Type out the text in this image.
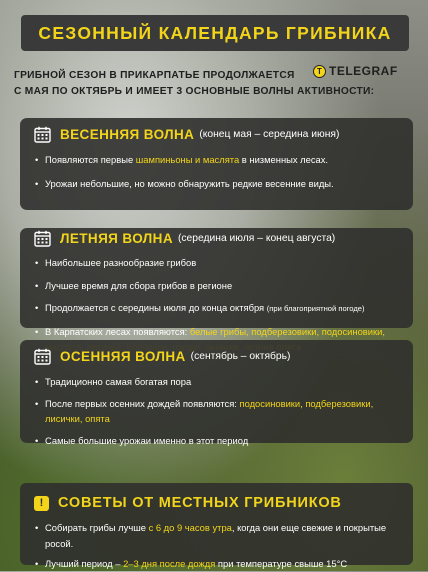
СЕЗОННЫЙ КАЛЕНДАРЬ ГРИБНИКА
T TELEGRAF
ГРИБНОЙ СЕЗОН В ПРИКАРПАТЬЕ ПРОДОЛЖАЕТСЯ
С МАЯ ПО ОКТЯБРЬ И ИМЕЕТ 3 ОСНОВНЫЕ ВОЛНЫ АКТИВНОСТИ:
ВЕСЕННЯЯ ВОЛНА (конец мая – середина июня)
• Появляются первые шампиньоны и маслята в низменных лесах.
• Урожаи небольшие, но можно обнаружить редкие весенние виды.
ЛЕТНЯЯ ВОЛНА (середина июля – конец августа)
• Наибольшее разнообразие грибов
• Лучшее время для сбора грибов в регионе
• Продолжается с середины июля до конца октября (при благоприятной погоде)
• В Карпатских лесах появляются: белые грибы, подберезовики, подосиновики,
ОСЕННЯЯ ВОЛНА (сентябрь – октябрь)
• Традиционно самая богатая пора
• После первых осенних дождей появляются: подосиновики, подберезовики, лисички, опята
• Самые большие урожаи именно в этот период
!	СОВЕТЫ ОТ МЕСТНЫХ ГРИБНИКОВ
• Собирать грибы лучше с 6 до 9 часов утра, когда они еще свежие и покрытые росой.
• Лучший период – 2–3 дня после дождя при температуре свыше 15°C
